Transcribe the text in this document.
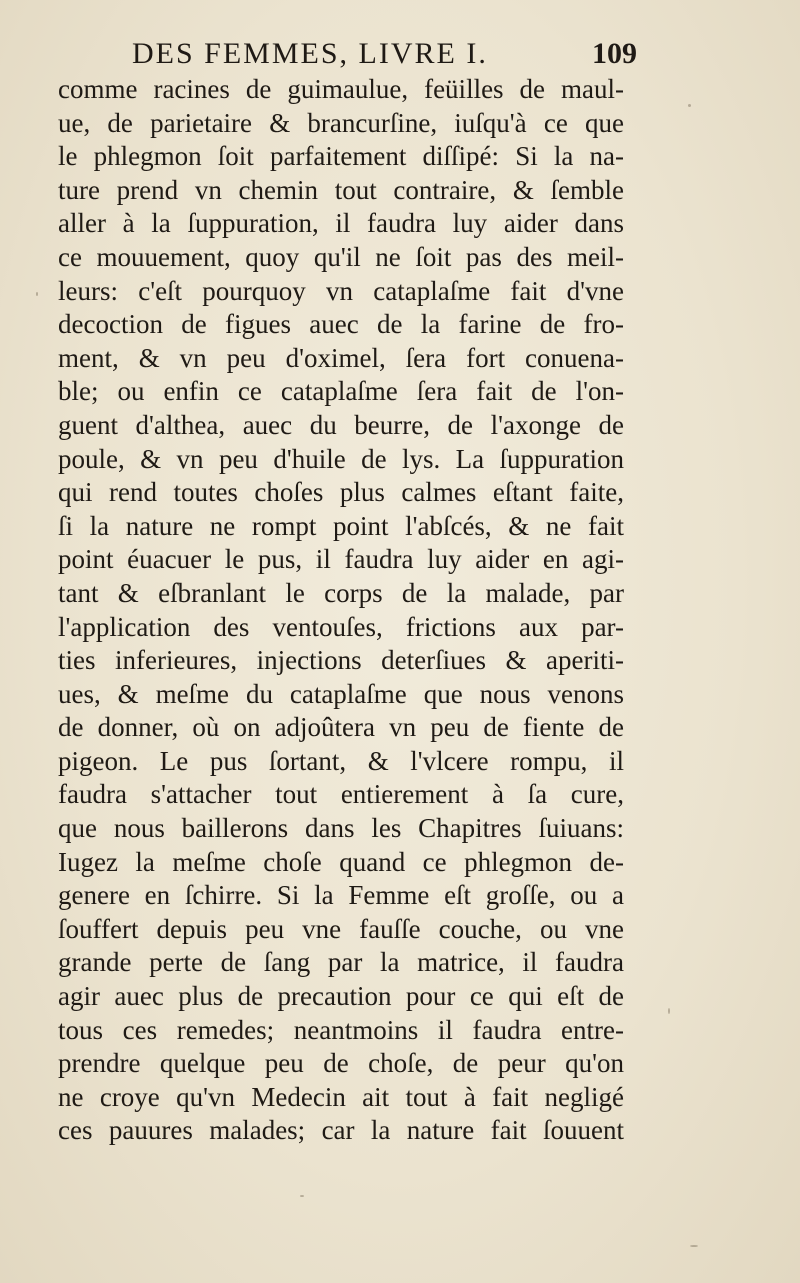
DES FEMMES, LIVRE I.	109
comme racines de guimaulue, feüilles de maul-
ue, de parietaire & brancurſine, iuſqu'à ce que
le phlegmon ſoit parfaitement diſſipé: Si la na-
ture prend vn chemin tout contraire, & ſemble
aller à la ſuppuration, il faudra luy aider dans
ce mouuement, quoy qu'il ne ſoit pas des meil-
leurs: c'eſt pourquoy vn cataplaſme fait d'vne
decoction de figues auec de la farine de fro-
ment, & vn peu d'oximel, ſera fort conuena-
ble; ou enfin ce cataplaſme ſera fait de l'on-
guent d'althea, auec du beurre, de l'axonge de
poule, & vn peu d'huile de lys. La ſuppuration
qui rend toutes choſes plus calmes eſtant faite,
ſi la nature ne rompt point l'abſcés, & ne fait
point éuacuer le pus, il faudra luy aider en agi-
tant & eſbranlant le corps de la malade, par
l'application des ventouſes, frictions aux par-
ties inferieures, injections deterſiues & aperiti-
ues, & meſme du cataplaſme que nous venons
de donner, où on adjoûtera vn peu de fiente de
pigeon. Le pus ſortant, & l'vlcere rompu, il
faudra s'attacher tout entierement à ſa cure,
que nous baillerons dans les Chapitres ſuiuans:
Iugez la meſme choſe quand ce phlegmon de-
genere en ſchirre. Si la Femme eſt groſſe, ou a
ſouffert depuis peu vne fauſſe couche, ou vne
grande perte de ſang par la matrice, il faudra
agir auec plus de precaution pour ce qui eſt de
tous ces remedes; neantmoins il faudra entre-
prendre quelque peu de choſe, de peur qu'on
ne croye qu'vn Medecin ait tout à fait negligé
ces pauures malades; car la nature fait ſouuent
